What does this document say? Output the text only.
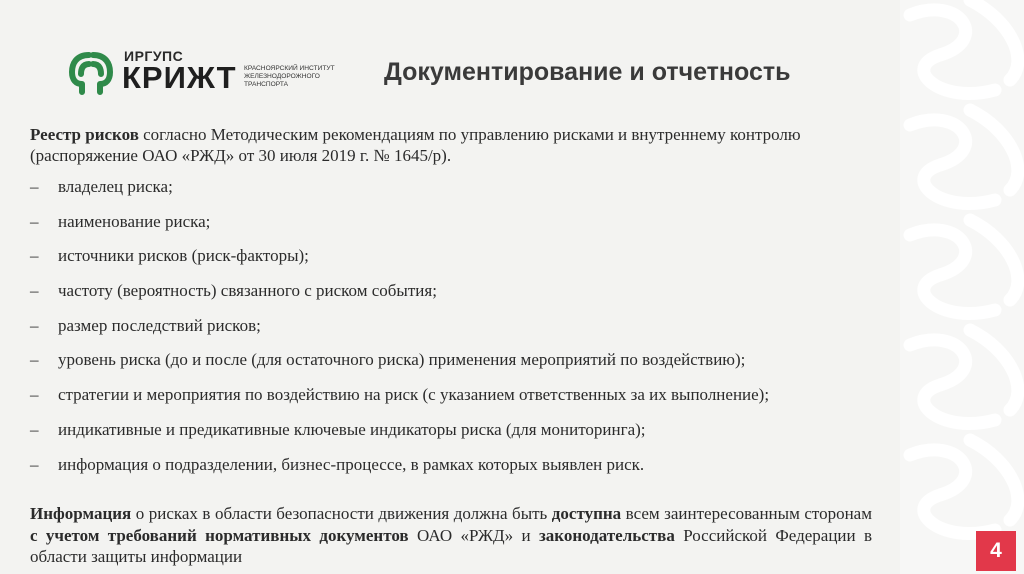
ИРГУПС
КРИЖТ КРАСНОЯРСКИЙ ИНСТИТУТ
ЖЕЛЕЗНОДОРОЖНОГО
ТРАНСПОРТА	Документирование и отчетность
Реестр рисков согласно Методическим рекомендациям по управлению рисками и внутреннему контролю (распоряжение ОАО «РЖД» от 30 июля 2019 г. № 1645/р).
– владелец риска;
– наименование риска;
– источники рисков (риск-факторы);
– частоту (вероятность) связанного с риском события;
– размер последствий рисков;
– уровень риска (до и после (для остаточного риска) применения мероприятий по воздействию);
– стратегии и мероприятия по воздействию на риск (с указанием ответственных за их выполнение);
– индикативные и предикативные ключевые индикаторы риска (для мониторинга);
– информация о подразделении, бизнес-процессе, в рамках которых выявлен риск.
Информация о рисках в области безопасности движения должна быть доступна всем заинтересованным сторонам с учетом требований нормативных документов ОАО «РЖД» и законодательства Российской Федерации в области защиты информации	4
